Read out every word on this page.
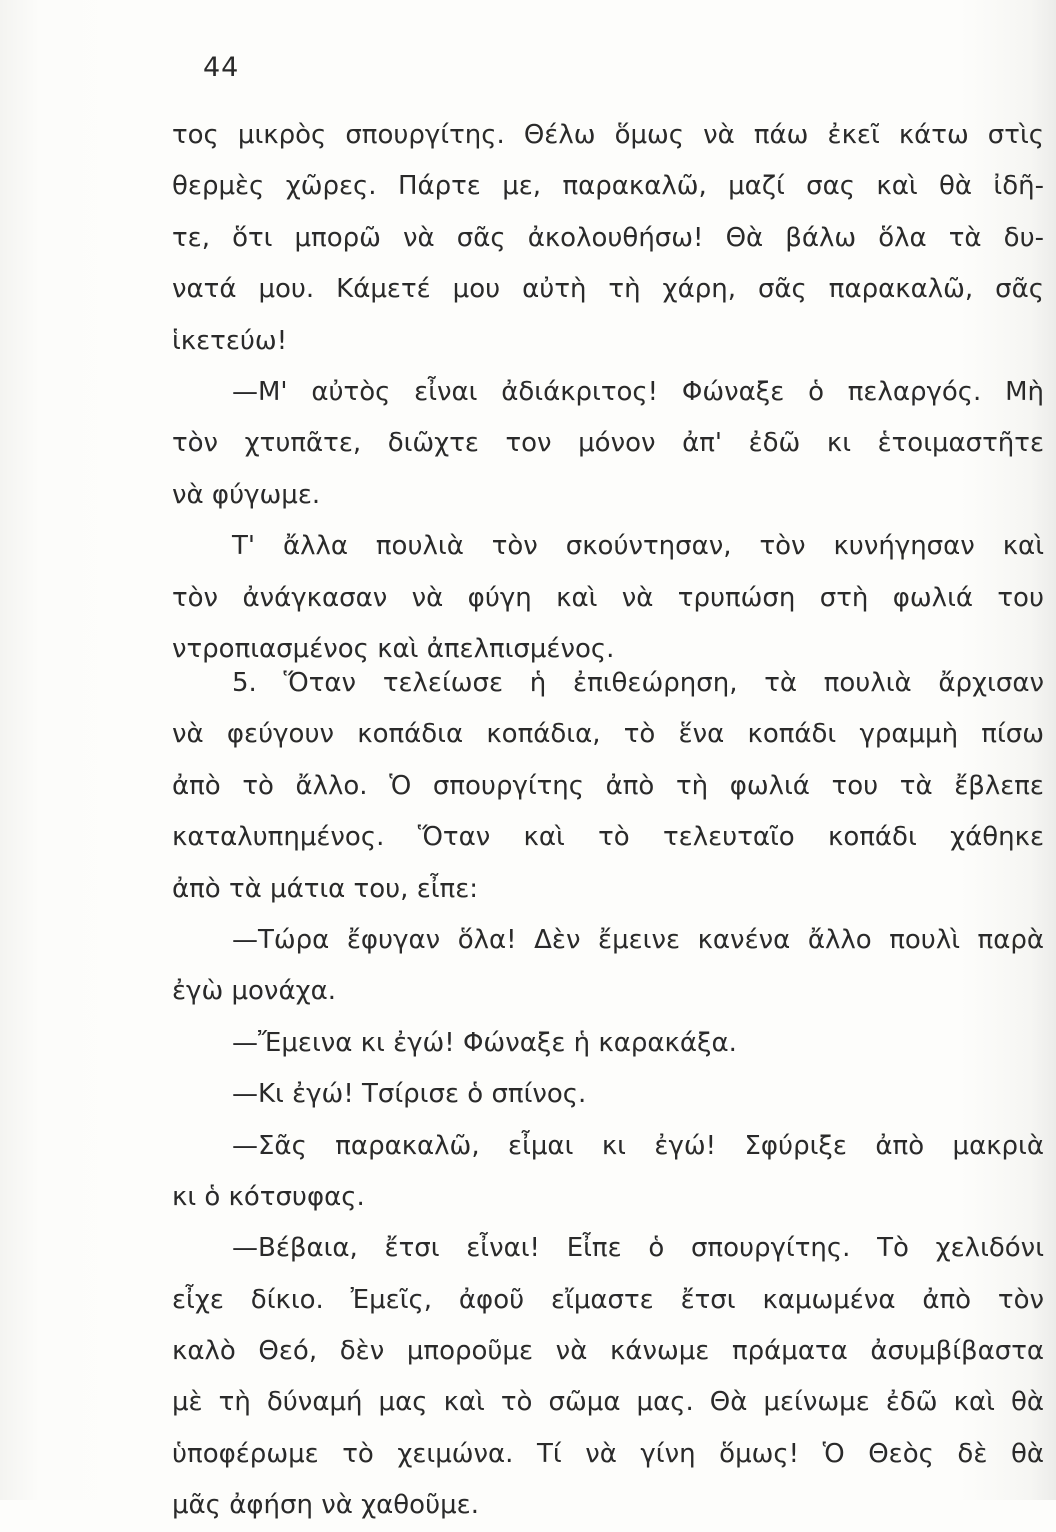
44
τος μικρὸς σπουργίτης. Θέλω ὅμως νὰ πάω ἐκεῖ κάτω στὶς
θερμὲς χῶρες. Πάρτε με, παρακαλῶ, μαζί σας καὶ θὰ ἰδῆ-
τε, ὅτι μπορῶ νὰ σᾶς ἀκολουθήσω! Θὰ βάλω ὅλα τὰ δυ-
νατά μου. Κάμετέ μου αὐτὴ τὴ χάρη, σᾶς παρακαλῶ, σᾶς
ἱκετεύω!
—Μ' αὐτὸς εἶναι ἀδιάκριτος! Φώναξε ὁ πελαργός. Μὴ
τὸν χτυπᾶτε, διῶχτε τον μόνον ἀπ' ἐδῶ κι ἑτοιμαστῆτε
νὰ φύγωμε.
Τ' ἄλλα πουλιὰ τὸν σκούντησαν, τὸν κυνήγησαν καὶ
τὸν ἀνάγκασαν νὰ φύγη καὶ νὰ τρυπώση στὴ φωλιά του
ντροπιασμένος καὶ ἀπελπισμένος.
5. Ὅταν τελείωσε ἡ ἐπιθεώρηση, τὰ πουλιὰ ἄρχισαν
νὰ φεύγουν κοπάδια κοπάδια, τὸ ἕνα κοπάδι γραμμὴ πίσω
ἀπὸ τὸ ἄλλο. Ὁ σπουργίτης ἀπὸ τὴ φωλιά του τὰ ἔβλεπε
καταλυπημένος. Ὅταν καὶ τὸ τελευταῖο κοπάδι χάθηκε
ἀπὸ τὰ μάτια του, εἶπε:
—Τώρα ἔφυγαν ὅλα! Δὲν ἔμεινε κανένα ἄλλο πουλὶ παρὰ
ἐγὼ μονάχα.
—Ἔμεινα κι ἐγώ! Φώναξε ἡ καρακάξα.
—Κι ἐγώ! Τσίρισε ὁ σπίνος.
—Σᾶς παρακαλῶ, εἶμαι κι ἐγώ! Σφύριξε ἀπὸ μακριὰ
κι ὁ κότσυφας.
—Βέβαια, ἔτσι εἶναι! Εἶπε ὁ σπουργίτης. Τὸ χελιδόνι
εἶχε δίκιο. Ἐμεῖς, ἀφοῦ εἴμαστε ἔτσι καμωμένα ἀπὸ τὸν
καλὸ Θεό, δὲν μποροῦμε νὰ κάνωμε πράματα ἀσυμβίβαστα
μὲ τὴ δύναμή μας καὶ τὸ σῶμα μας. Θὰ μείνωμε ἐδῶ καὶ θὰ
ὑποφέρωμε τὸ χειμώνα. Τί νὰ γίνη ὅμως! Ὁ Θεὸς δὲ θὰ
μᾶς ἀφήση νὰ χαθοῦμε.
